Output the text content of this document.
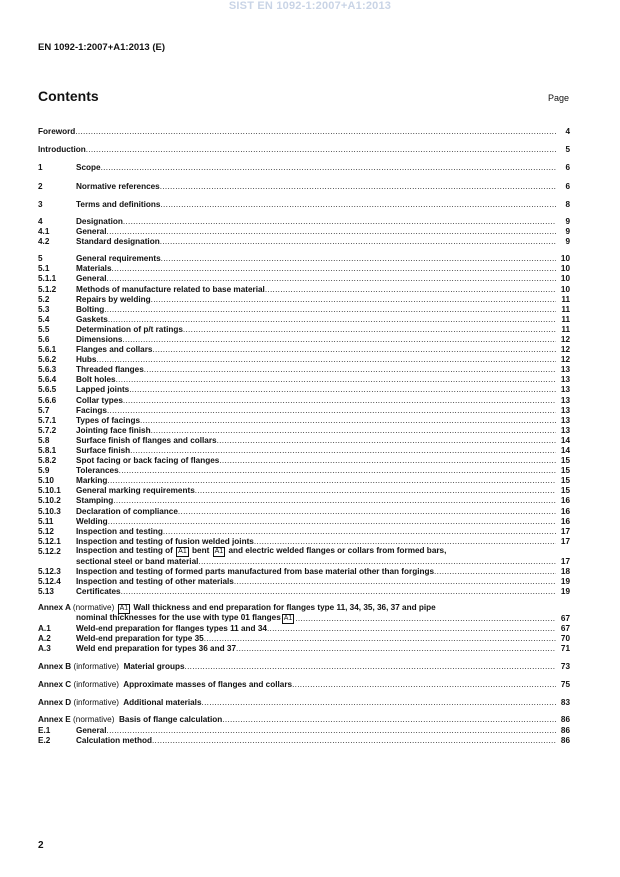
SIST EN 1092-1:2007+A1:2013
EN 1092-1:2007+A1:2013 (E)
Contents	Page
Foreword .....	4
Introduction .....	5
1	Scope .....	6
2	Normative references .....	6
3	Terms and definitions .....	8
4	Designation .....	9
4.1	General .....	9
4.2	Standard designation .....	9
5	General requirements .....	10
5.1	Materials .....	10
5.1.1	General .....	10
5.1.2	Methods of manufacture related to base material .....	10
5.2	Repairs by welding .....	11
5.3	Bolting .....	11
5.4	Gaskets .....	11
5.5	Determination of p/t ratings .....	11
5.6	Dimensions .....	12
5.6.1	Flanges and collars .....	12
5.6.2	Hubs .....	12
5.6.3	Threaded flanges .....	13
5.6.4	Bolt holes .....	13
5.6.5	Lapped joints .....	13
5.6.6	Collar types .....	13
5.7	Facings .....	13
5.7.1	Types of facings .....	13
5.7.2	Jointing face finish .....	13
5.8	Surface finish of flanges and collars .....	14
5.8.1	Surface finish .....	14
5.8.2	Spot facing or back facing of flanges .....	15
5.9	Tolerances .....	15
5.10	Marking .....	15
5.10.1	General marking requirements .....	15
5.10.2	Stamping .....	16
5.10.3	Declaration of compliance .....	16
5.11	Welding .....	16
5.12	Inspection and testing .....	17
5.12.1	Inspection and testing of fusion welded joints .....	17
5.12.2	Inspection and testing of A1 bent A1 and electric welded flanges or collars from formed bars,
sectional steel or band material .....	17
5.12.3	Inspection and testing of formed parts manufactured from base material other than forgings .....	18
5.12.4	Inspection and testing of other materials .....	19
5.13	Certificates .....	19
Annex A (normative) A1 Wall thickness and end preparation for flanges type 11, 34, 35, 36, 37 and pipe
nominal thicknesses for the use with type 01 flanges A1 .....	67
A.1	Weld-end preparation for flanges types 11 and 34 .....	67
A.2	Weld-end preparation for type 35 .....	70
A.3	Weld end preparation for types 36 and 37 .....	71
Annex B (informative) Material groups .....	73
Annex C (informative) Approximate masses of flanges and collars .....	75
Annex D (informative) Additional materials .....	83
Annex E (normative) Basis of flange calculation .....	86
E.1	General .....	86
E.2	Calculation method .....	86
2
